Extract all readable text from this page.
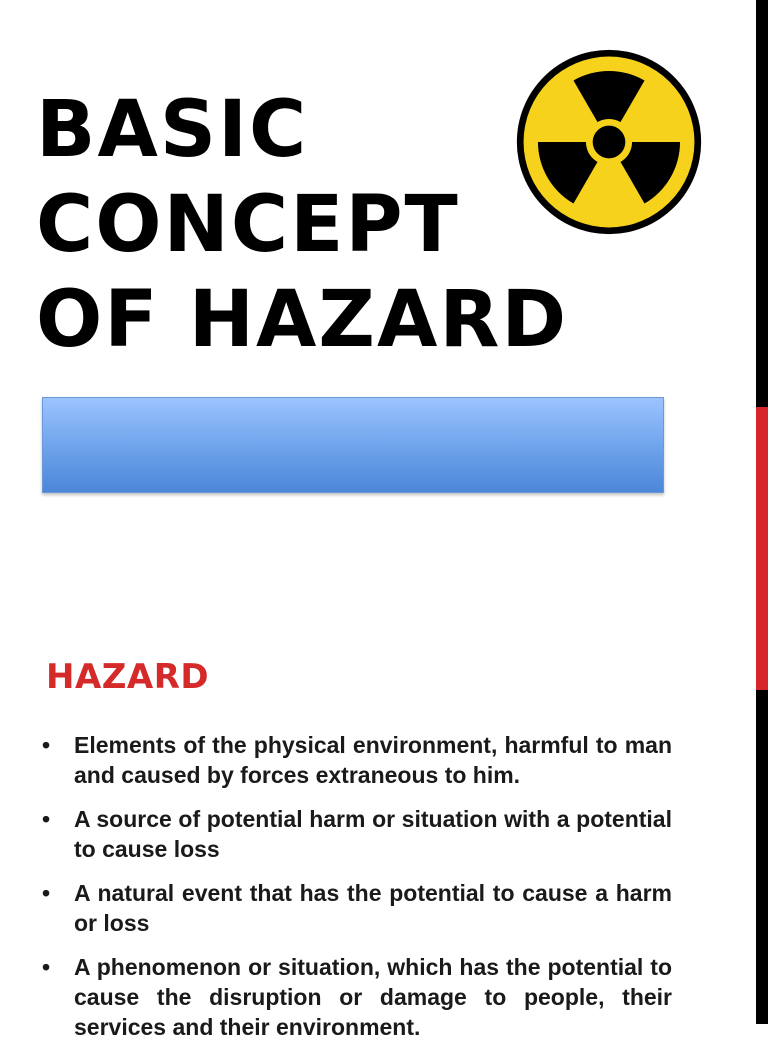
BASIC
CONCEPT
OF HAZARD
HAZARD
•	Elements of the physical environment, harmful to man and caused by forces extraneous to him.
•	A source of potential harm or situation with a potential to cause loss
•	A natural event that has the potential to cause a harm or loss
•	A phenomenon or situation, which has the potential to cause the disruption or damage to people, their services and their environment.
